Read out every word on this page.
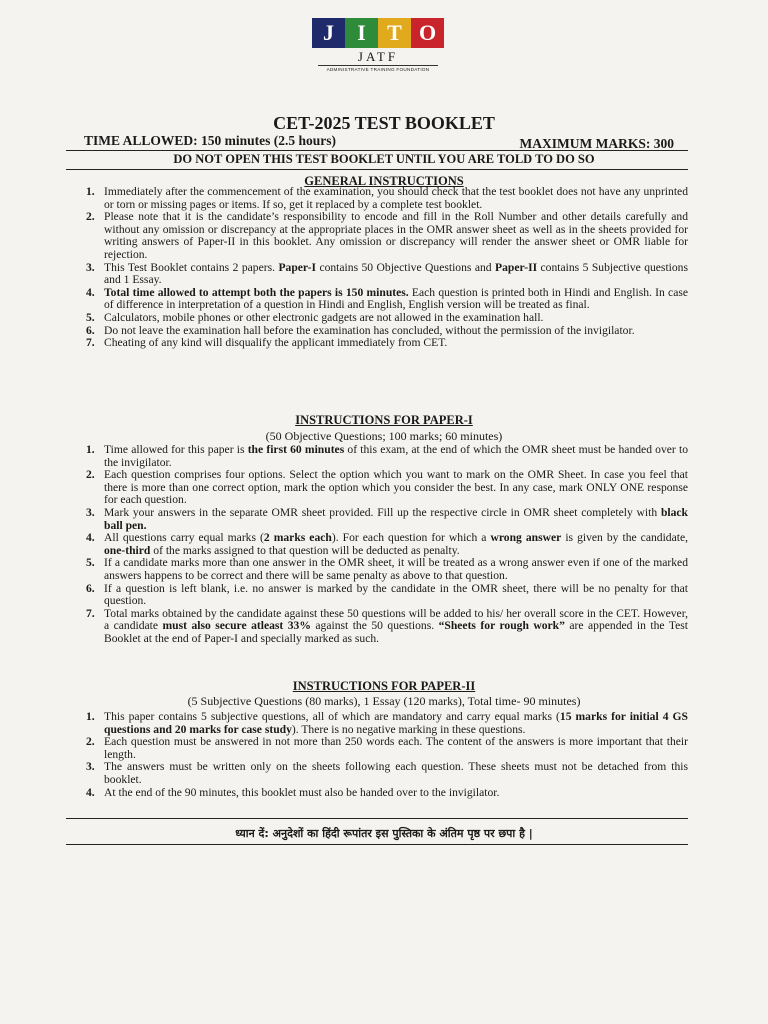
J	I T O
JATF
ADMINISTRATIVE TRAINING FOUNDATION
CET-2025 TEST BOOKLET
TIME ALLOWED: 150 minutes (2.5 hours)	MAXIMUM MARKS: 300
DO NOT OPEN THIS TEST BOOKLET UNTIL YOU ARE TOLD TO DO SO
GENERAL INSTRUCTIONS
1. Immediately after the commencement of the examination, you should check that the test booklet does not have any unprinted or torn or missing pages or items. If so, get it replaced by a complete test booklet.
2. Please note that it is the candidate’s responsibility to encode and fill in the Roll Number and other details carefully and without any omission or discrepancy at the appropriate places in the OMR answer sheet as well as in the sheets provided for writing answers of Paper-II in this booklet. Any omission or discrepancy will render the answer sheet or OMR liable for rejection.
3. This Test Booklet contains 2 papers. Paper-I contains 50 Objective Questions and Paper-II contains 5 Subjective questions and 1 Essay.
4. Total time allowed to attempt both the papers is 150 minutes. Each question is printed both in Hindi and English. In case of difference in interpretation of a question in Hindi and English, English version will be treated as final.
5. Calculators, mobile phones or other electronic gadgets are not allowed in the examination hall.
6. Do not leave the examination hall before the examination has concluded, without the permission of the invigilator.
7. Cheating of any kind will disqualify the applicant immediately from CET.
INSTRUCTIONS FOR PAPER-I
(50 Objective Questions; 100 marks; 60 minutes)
1. Time allowed for this paper is the first 60 minutes of this exam, at the end of which the OMR sheet must be handed over to the invigilator.
2. Each question comprises four options. Select the option which you want to mark on the OMR Sheet. In case you feel that there is more than one correct option, mark the option which you consider the best. In any case, mark ONLY ONE response for each question.
3. Mark your answers in the separate OMR sheet provided. Fill up the respective circle in OMR sheet completely with black ball pen.
4. All questions carry equal marks (2 marks each). For each question for which a wrong answer is given by the candidate, one-third of the marks assigned to that question will be deducted as penalty.
5. If a candidate marks more than one answer in the OMR sheet, it will be treated as a wrong answer even if one of the marked answers happens to be correct and there will be same penalty as above to that question.
6. If a question is left blank, i.e. no answer is marked by the candidate in the OMR sheet, there will be no penalty for that question.
7. Total marks obtained by the candidate against these 50 questions will be added to his/ her overall score in the CET. However, a candidate must also secure atleast 33% against the 50 questions. “Sheets for rough work” are appended in the Test Booklet at the end of Paper-I and specially marked as such.
INSTRUCTIONS FOR PAPER-II
(5 Subjective Questions (80 marks), 1 Essay (120 marks), Total time- 90 minutes)
1. This paper contains 5 subjective questions, all of which are mandatory and carry equal marks (15 marks for initial 4 GS questions and 20 marks for case study). There is no negative marking in these questions.
2. Each question must be answered in not more than 250 words each. The content of the answers is more important that their length.
3. The answers must be written only on the sheets following each question. These sheets must not be detached from this booklet.
4. At the end of the 90 minutes, this booklet must also be handed over to the invigilator.
ध्यान दें: अनुदेशों का हिंदी रूपांतर इस पुस्तिका के अंतिम पृष्ठ पर छपा है |
